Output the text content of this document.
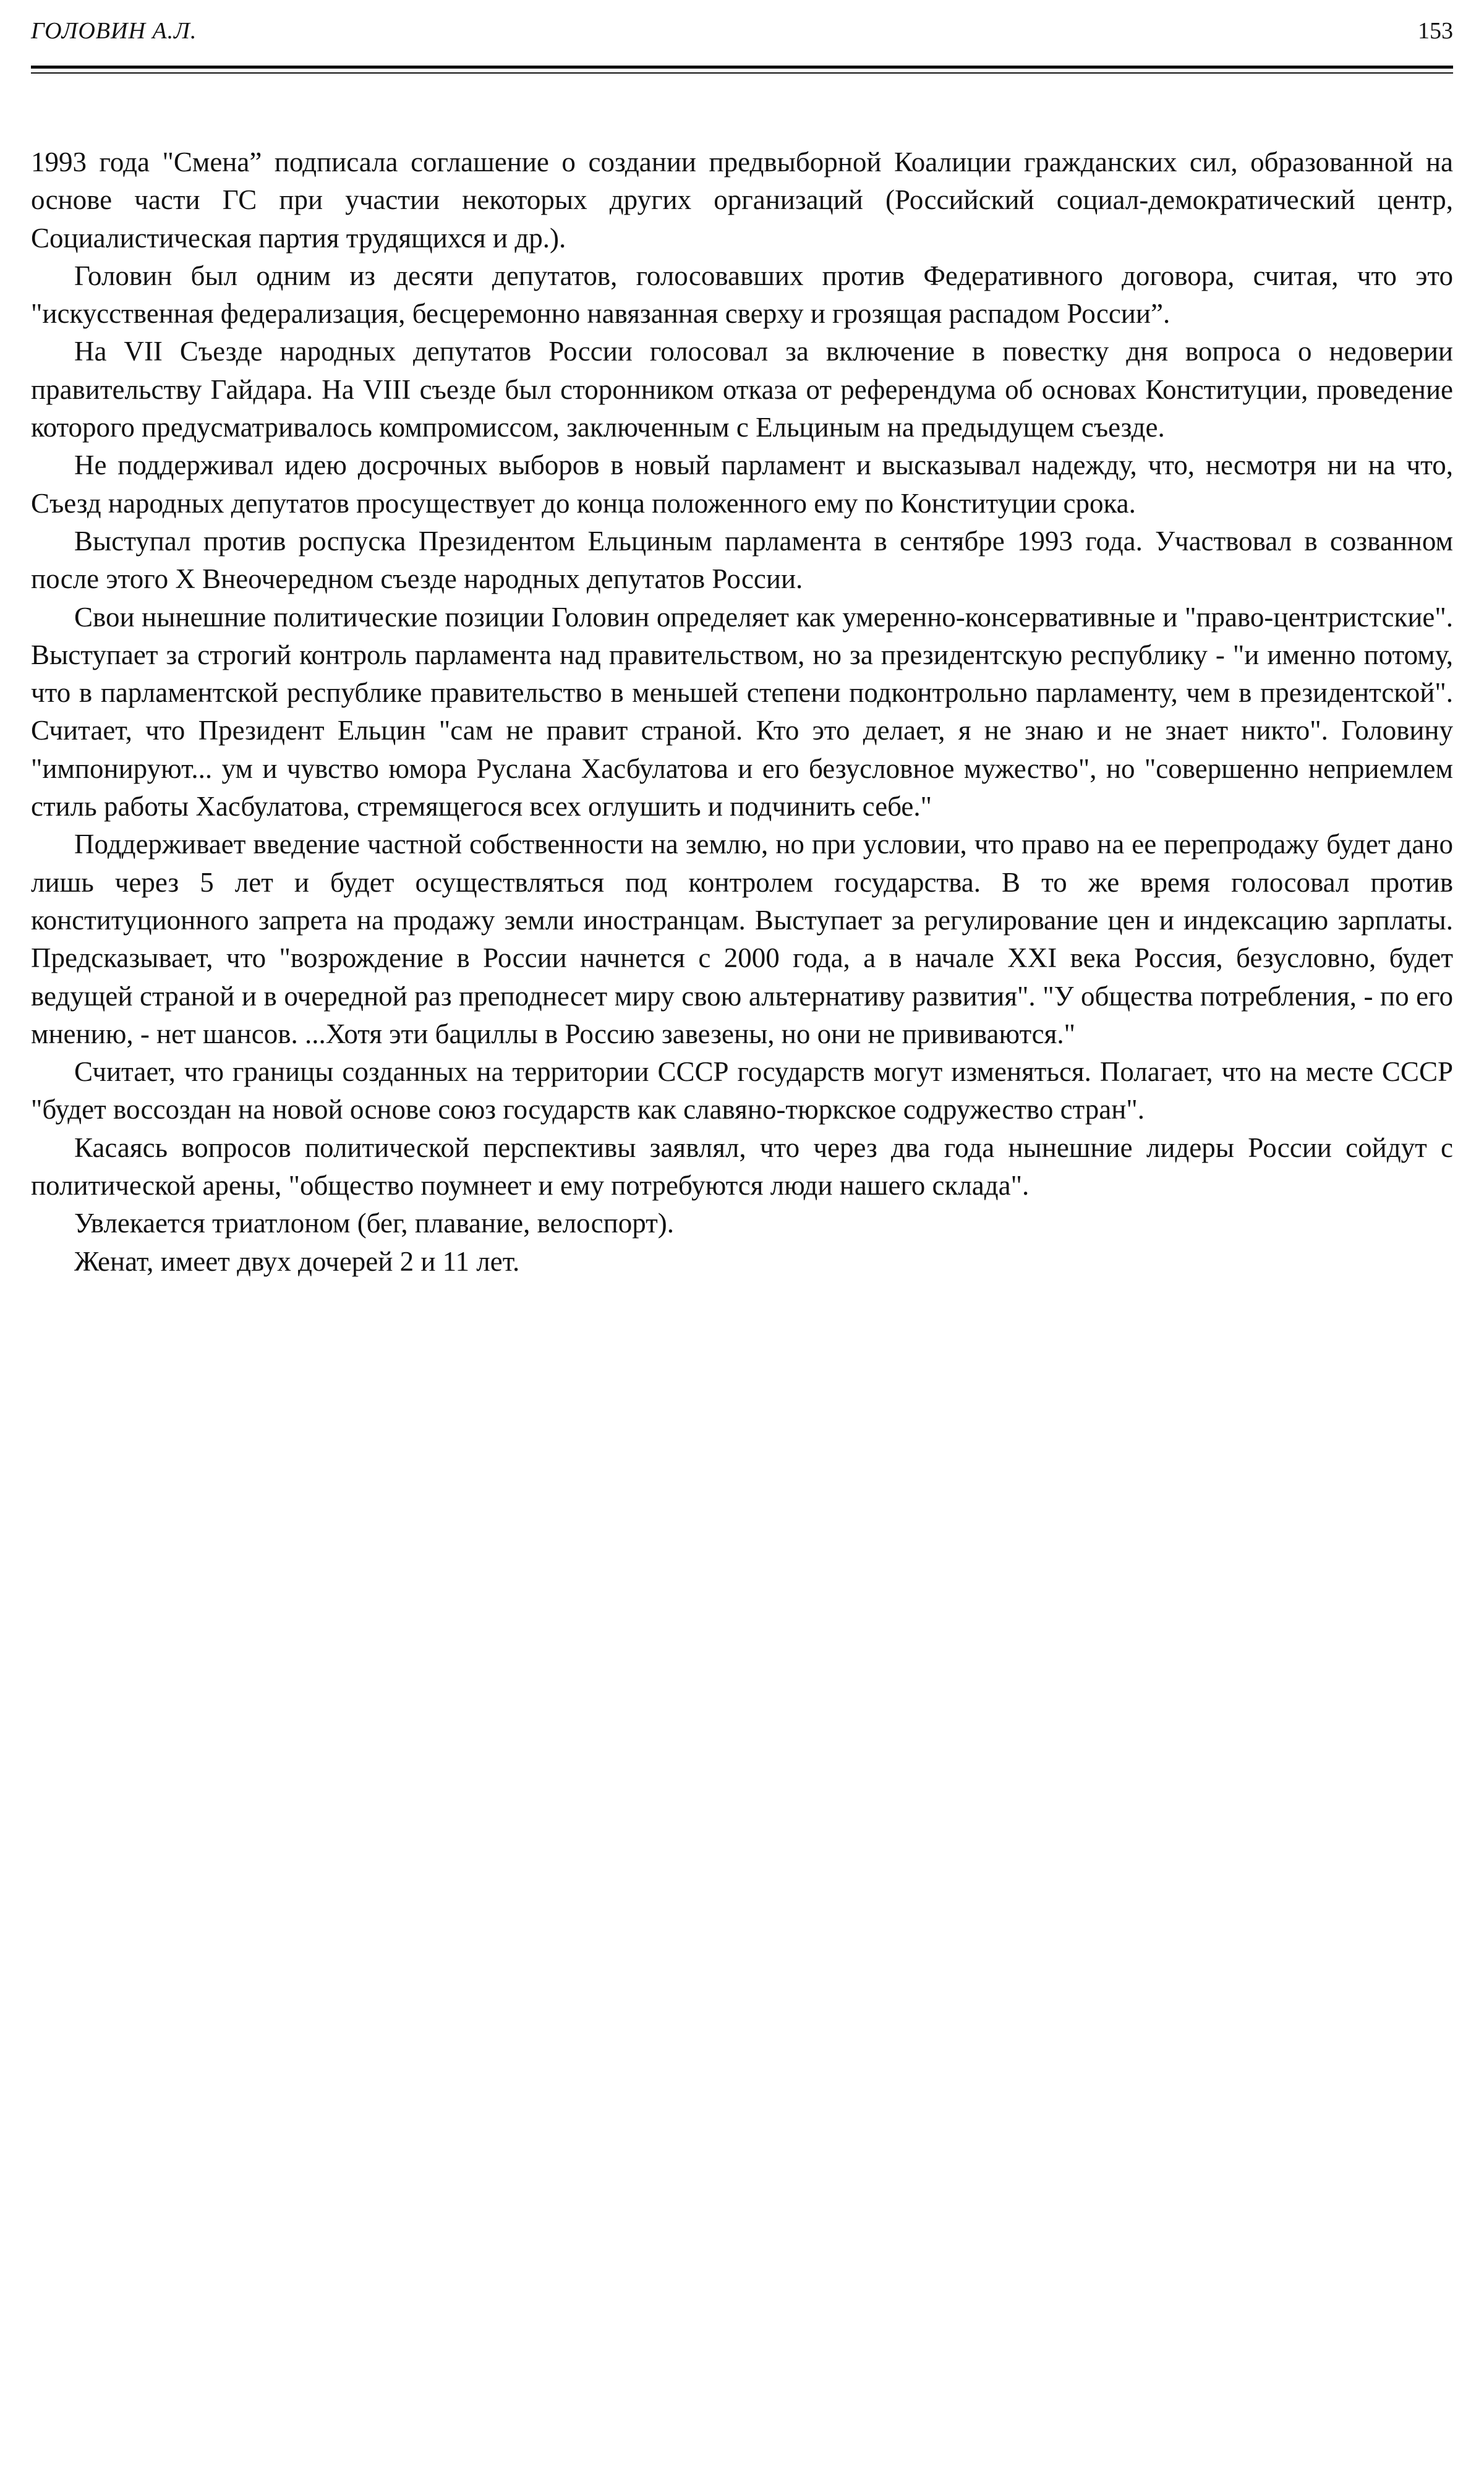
ГОЛОВИН А.Л.	153

1993 года "Смена” подписала соглашение о создании предвыборной Коалиции гражданских сил, образованной на основе части ГС при участии некоторых других организаций (Российский социал-демократический центр, Социалистическая партия трудящихся и др.).

Головин был одним из десяти депутатов, голосовавших против Федеративного договора, считая, что это "искусственная федерализация, бесцеремонно навязанная сверху и грозящая распадом России”.

На VII Съезде народных депутатов России голосовал за включение в повестку дня вопроса о недоверии правительству Гайдара. На VIII съезде был сторонником отказа от референдума об основах Конституции, проведение которого предусматривалось компромиссом, заключенным с Ельциным на предыдущем съезде.

Не поддерживал идею досрочных выборов в новый парламент и высказывал надежду, что, несмотря ни на что, Съезд народных депутатов просуществует до конца положенного ему по Конституции срока.

Выступал против роспуска Президентом Ельциным парламента в сентябре 1993 года. Участвовал в созванном после этого X Внеочередном съезде народных депутатов России.

Свои нынешние политические позиции Головин определяет как умеренно-консервативные и "право-центристские". Выступает за строгий контроль парламента над правительством, но за президентскую республику - "и именно потому, что в парламентской республике правительство в меньшей степени подконтрольно парламенту, чем в президентской". Считает, что Президент Ельцин "сам не правит страной. Кто это делает, я не знаю и не знает никто". Головину "импонируют... ум и чувство юмора Руслана Хасбулатова и его безусловное мужество", но "совершенно неприемлем стиль работы Хасбулатова, стремящегося всех оглушить и подчинить себе."

Поддерживает введение частной собственности на землю, но при условии, что право на ее перепродажу будет дано лишь через 5 лет и будет осуществляться под контролем государства. В то же время голосовал против конституционного запрета на продажу земли иностранцам. Выступает за регулирование цен и индексацию зарплаты. Предсказывает, что "возрождение в России начнется с 2000 года, а в начале XXI века Россия, безусловно, будет ведущей страной и в очередной раз преподнесет миру свою альтернативу развития". "У общества потребления, - по его мнению, - нет шансов. ...Хотя эти бациллы в Россию завезены, но они не прививаются."

Считает, что границы созданных на территории СССР государств могут изменяться. Полагает, что на месте СССР "будет воссоздан на новой основе союз государств как славяно-тюркское содружество стран".

Касаясь вопросов политической перспективы заявлял, что через два года нынешние лидеры России сойдут с политической арены, "общество поумнеет и ему потребуются люди нашего склада".

Увлекается триатлоном (бег, плавание, велоспорт).

Женат, имеет двух дочерей 2 и 11 лет.
